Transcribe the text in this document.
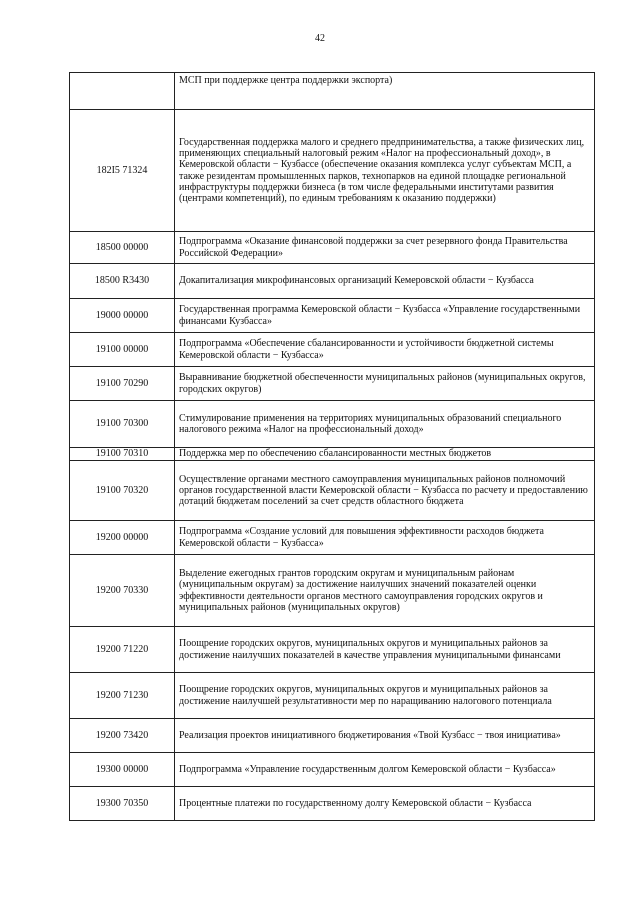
42
	МСП при поддержке центра поддержки экспорта)
182I5 71324	Государственная поддержка малого и среднего предпринимательства, а также физических лиц, применяющих специальный налоговый режим «Налог на профессиональный доход», в Кемеровской области − Кузбассе (обеспечение оказания комплекса услуг субъектам МСП, а также резидентам промышленных парков, технопарков на единой площадке региональной инфраструктуры поддержки бизнеса (в том числе федеральными институтами развития (центрами компетенций), по единым требованиям к оказанию поддержки)
18500 00000	Подпрограмма «Оказание финансовой поддержки за счет резервного фонда Правительства Российской Федерации»
18500 R3430	Докапитализация микрофинансовых организаций Кемеровской области − Кузбасса
19000 00000	Государственная программа Кемеровской области − Кузбасса «Управление государственными финансами Кузбасса»
19100 00000	Подпрограмма «Обеспечение сбалансированности и устойчивости бюджетной системы Кемеровской области − Кузбасса»
19100 70290	Выравнивание бюджетной обеспеченности муниципальных районов (муниципальных округов, городских округов)
19100 70300	Стимулирование применения на территориях муниципальных образований специального налогового режима «Налог на профессиональный доход»
19100 70310	Поддержка мер по обеспечению сбалансированности местных бюджетов
19100 70320	Осуществление органами местного самоуправления муниципальных районов полномочий органов государственной власти Кемеровской области − Кузбасса по расчету и предоставлению дотаций бюджетам поселений за счет средств областного бюджета
19200 00000	Подпрограмма «Создание условий для повышения эффективности расходов бюджета Кемеровской области − Кузбасса»
19200 70330	Выделение ежегодных грантов городским округам и муниципальным районам (муниципальным округам) за достижение наилучших значений показателей оценки эффективности деятельности органов местного самоуправления городских округов и муниципальных районов (муниципальных округов)
19200 71220	Поощрение городских округов, муниципальных округов и муниципальных районов за достижение наилучших показателей в качестве управления муниципальными финансами
19200 71230	Поощрение городских округов, муниципальных округов и муниципальных районов за достижение наилучшей результативности мер по наращиванию налогового потенциала
19200 73420	Реализация проектов инициативного бюджетирования «Твой Кузбасс − твоя инициатива»
19300 00000	Подпрограмма «Управление государственным долгом Кемеровской области − Кузбасса»
19300 70350	Процентные платежи по государственному долгу Кемеровской области − Кузбасса
